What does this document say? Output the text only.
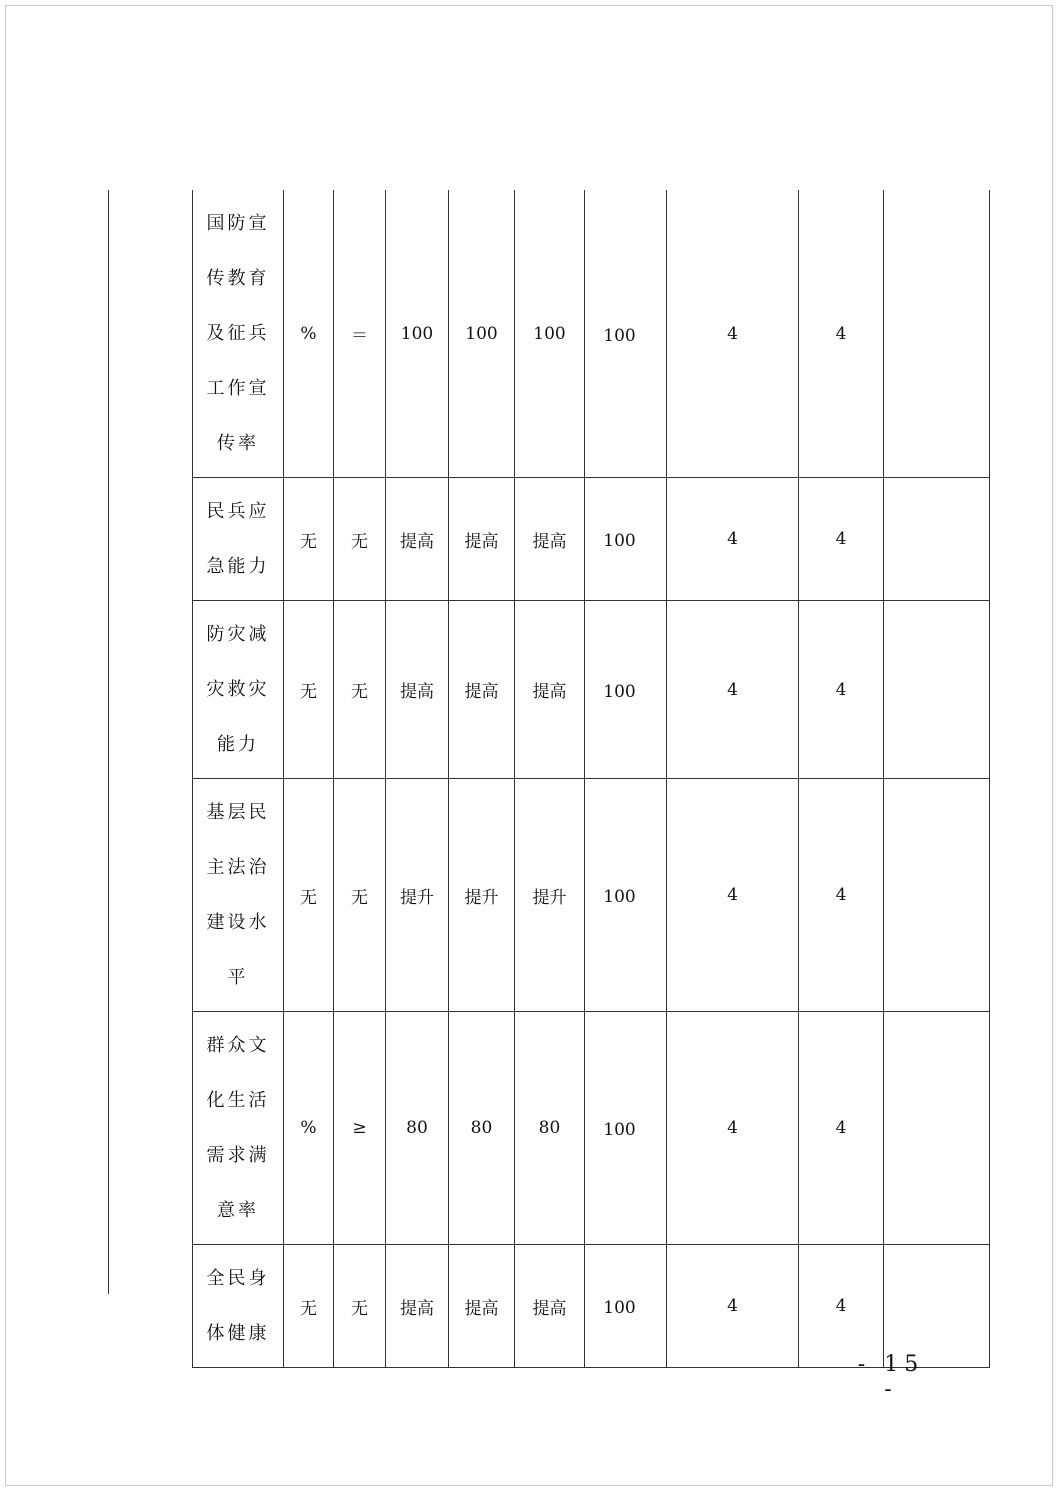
国防宣
传教育
及征兵
工作宣
传率	%	＝	100	100	100	100	4	4	

民兵应
急能力	无	无	提高	提高	提高	100	4	4	

防灾减
灾救灾
能力	无	无	提高	提高	提高	100	4	4	

基层民
主法治
建设水
平	无	无	提升	提升	提升	100	4	4	

群众文
化生活
需求满
意率	%	≥	80	80	80	100	4	4	

全民身
体健康	无	无	提高	提高	提高	100	4	4	
- 15 -
